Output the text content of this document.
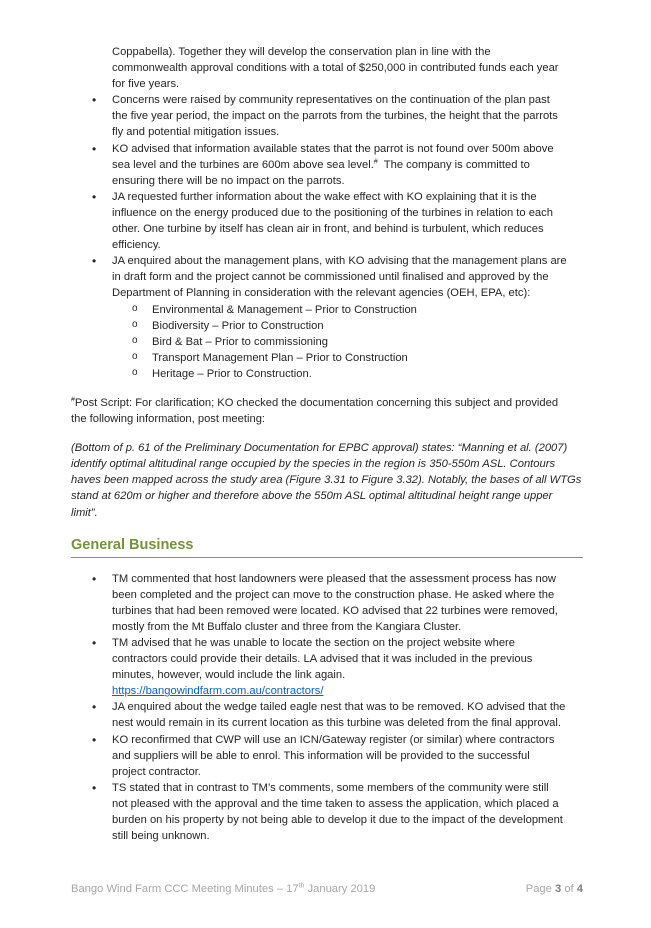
Coppabella). Together they will develop the conservation plan in line with the

commonwealth approval conditions with a total of $250,000 in contributed funds each year

for five years.

• Concerns were raised by community representatives on the continuation of the plan past

the five year period, the impact on the parrots from the turbines, the height that the parrots

fly and potential mitigation issues.

• KO advised that information available states that the parrot is not found over 500m above

sea level and the turbines are 600m above sea level.# The company is committed to

ensuring there will be no impact on the parrots.

• JA requested further information about the wake effect with KO explaining that it is the

influence on the energy produced due to the positioning of the turbines in relation to each

other. One turbine by itself has clean air in front, and behind is turbulent, which reduces

efficiency.

• JA enquired about the management plans, with KO advising that the management plans are

in draft form and the project cannot be commissioned until finalised and approved by the

Department of Planning in consideration with the relevant agencies (OEH, EPA, etc):

o Environmental & Management – Prior to Construction
o Biodiversity – Prior to Construction
o Bird & Bat – Prior to commissioning
o Transport Management Plan – Prior to Construction
o Heritage – Prior to Construction.

#Post Script: For clarification; KO checked the documentation concerning this subject and provided

the following information, post meeting:

(Bottom of p. 61 of the Preliminary Documentation for EPBC approval) states: “Manning et al. (2007)

identify optimal altitudinal range occupied by the species in the region is 350-550m ASL. Contours

haves been mapped across the study area (Figure 3.31 to Figure 3.32). Notably, the bases of all WTGs

stand at 620m or higher and therefore above the 550m ASL optimal altitudinal height range upper

limit”.

General Business

• TM commented that host landowners were pleased that the assessment process has now

been completed and the project can move to the construction phase. He asked where the

turbines that had been removed were located. KO advised that 22 turbines were removed,

mostly from the Mt Buffalo cluster and three from the Kangiara Cluster.

• TM advised that he was unable to locate the section on the project website where

contractors could provide their details. LA advised that it was included in the previous

minutes, however, would include the link again.

https://bangowindfarm.com.au/contractors/

• JA enquired about the wedge tailed eagle nest that was to be removed. KO advised that the

nest would remain in its current location as this turbine was deleted from the final approval.

• KO reconfirmed that CWP will use an ICN/Gateway register (or similar) where contractors

and suppliers will be able to enrol. This information will be provided to the successful

project contractor.

• TS stated that in contrast to TM’s comments, some members of the community were still

not pleased with the approval and the time taken to assess the application, which placed a

burden on his property by not being able to develop it due to the impact of the development

still being unknown.

Bango Wind Farm CCC Meeting Minutes – 17th January 2019	Page 3 of 4
